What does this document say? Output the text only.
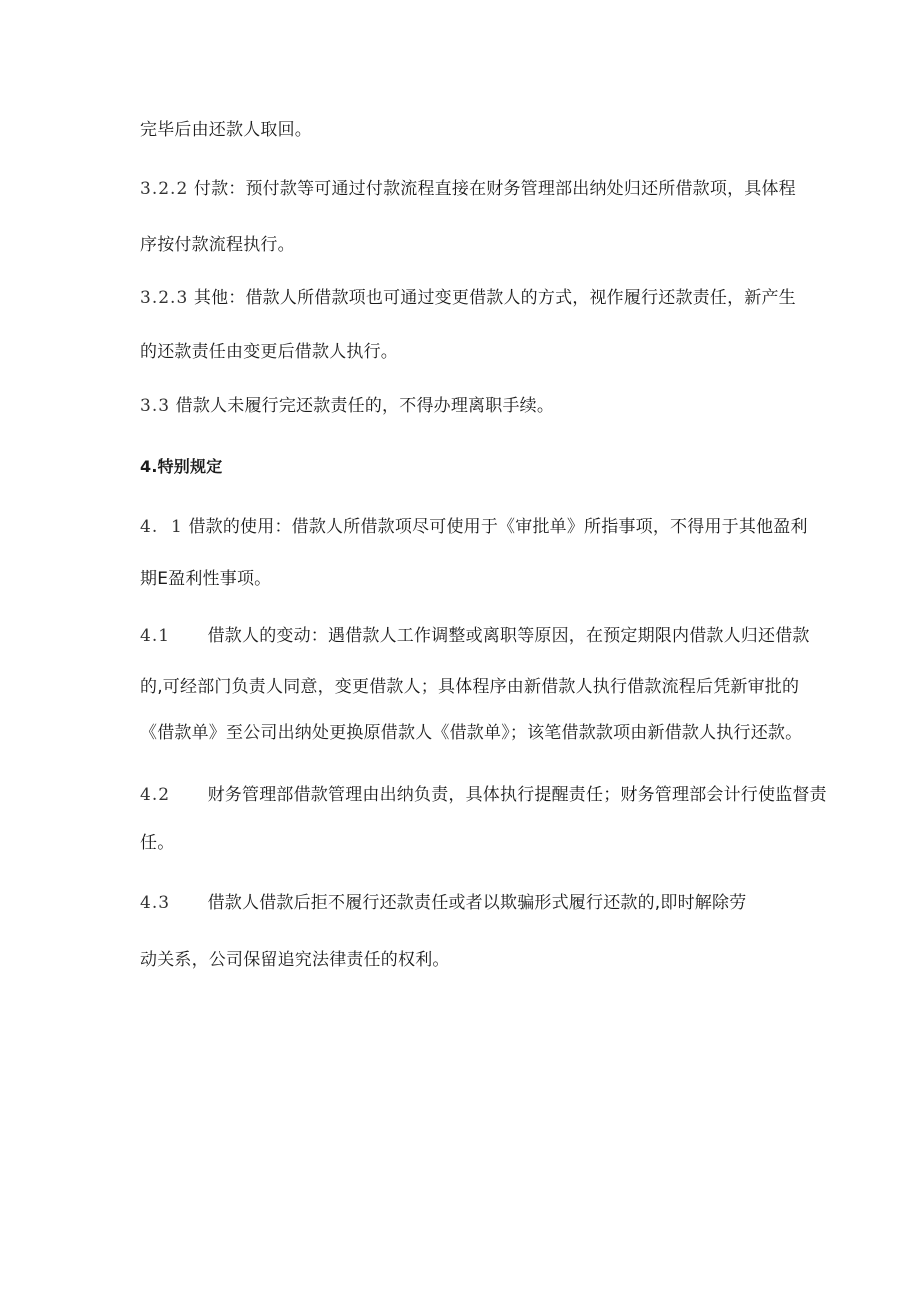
完毕后由还款人取回。
3.2.2 付款：预付款等可通过付款流程直接在财务管理部出纳处归还所借款项，具体程
序按付款流程执行。
3.2.3 其他：借款人所借款项也可通过变更借款人的方式，视作履行还款责任，新产生
的还款责任由变更后借款人执行。
3.3 借款人未履行完还款责任的，不得办理离职手续。
4.特别规定
4.  1 借款的使用：借款人所借款项尽可使用于《审批单》所指事项，不得用于其他盈利
期E盈利性事项。
4.1 借款人的变动：遇借款人工作调整或离职等原因，在预定期限内借款人归还借款
的,可经部门负责人同意，变更借款人；具体程序由新借款人执行借款流程后凭新审批的
《借款单》至公司出纳处更换原借款人《借款单》；该笔借款款项由新借款人执行还款。
4.2 财务管理部借款管理由出纳负责，具体执行提醒责任；财务管理部会计行使监督责
任。
4.3 借款人借款后拒不履行还款责任或者以欺骗形式履行还款的,即时解除劳
动关系，公司保留追究法律责任的权利。
